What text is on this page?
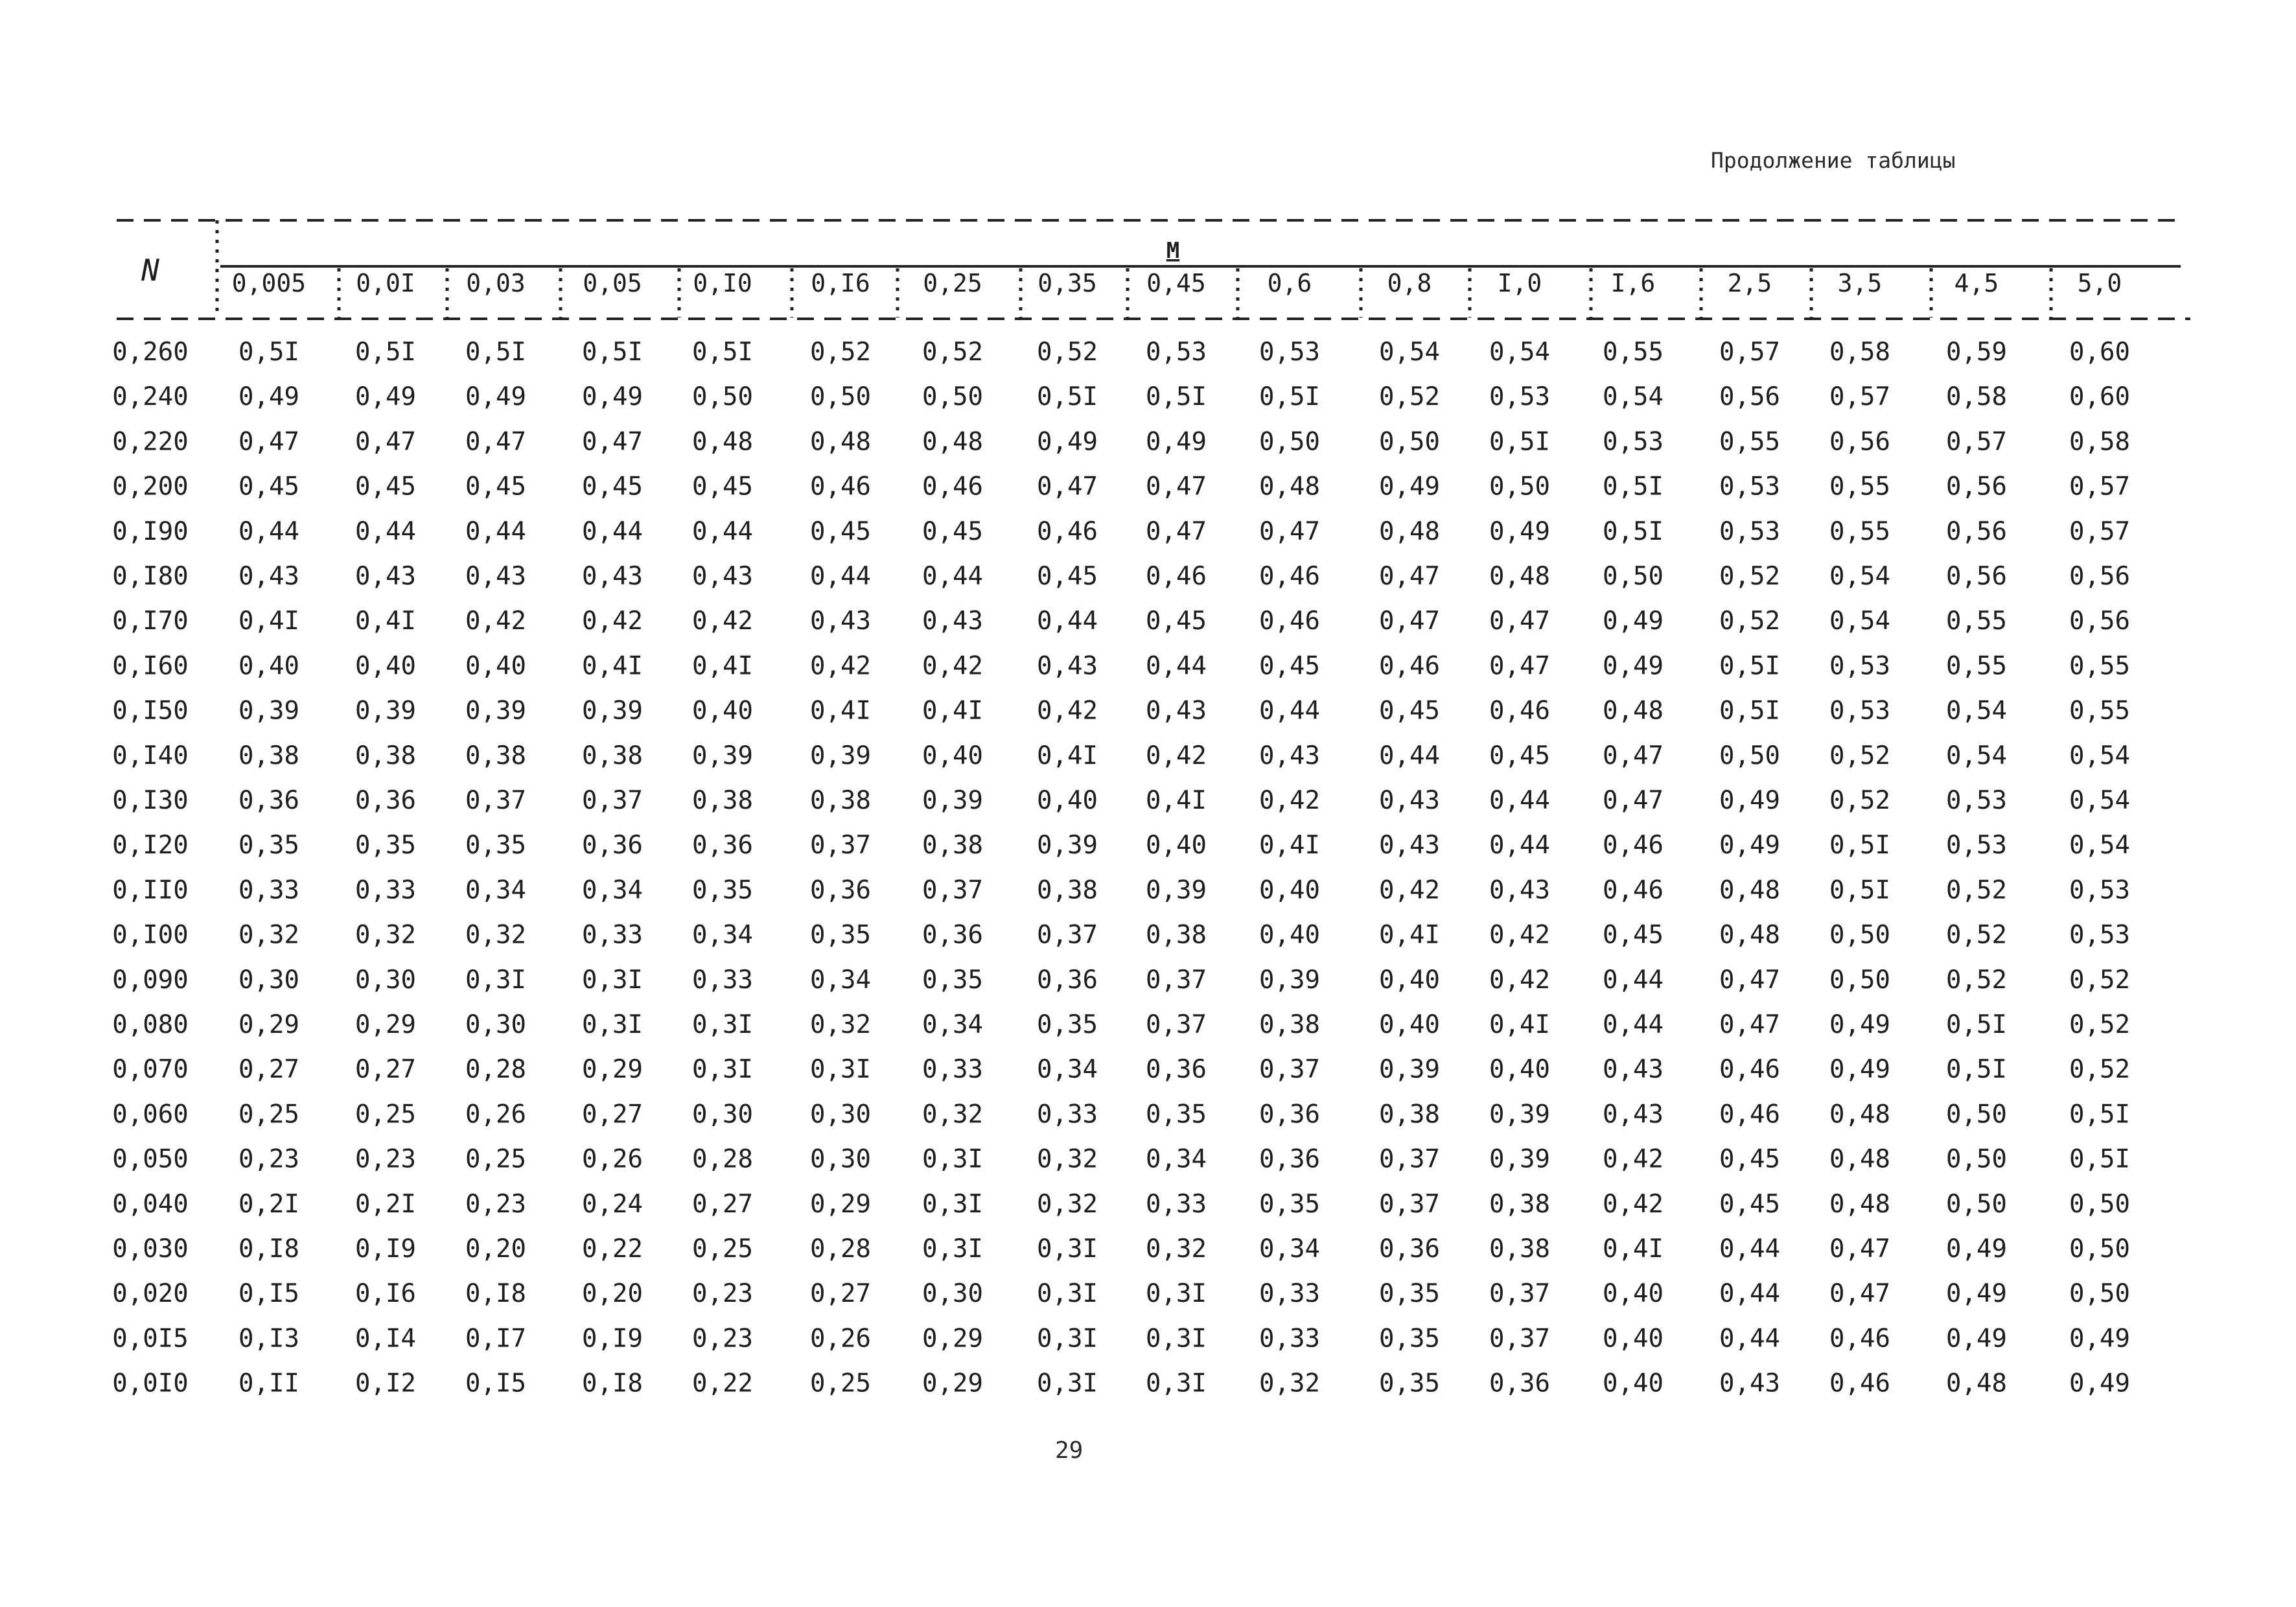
Продолжение таблицы
N
M
0,005 0,0I 0,03 0,05 0,I0 0,I6 0,25 0,35 0,45 0,6	0,8	I,0	I,6	2,5	3,5	4,5	5,0
0,260 0,5I 0,5I 0,5I 0,5I 0,5I 0,52 0,52 0,52 0,53 0,53 0,54 0,54 0,55 0,57 0,58 0,59 0,60
0,240 0,49 0,49 0,49 0,49 0,50 0,50 0,50 0,5I 0,5I 0,5I 0,52 0,53 0,54 0,56 0,57 0,58 0,60
0,220 0,47 0,47 0,47 0,47 0,48 0,48 0,48 0,49 0,49 0,50 0,50 0,5I 0,53 0,55 0,56 0,57 0,58
0,200 0,45 0,45 0,45 0,45 0,45 0,46 0,46 0,47 0,47 0,48 0,49 0,50 0,5I 0,53 0,55 0,56 0,57
0,I90 0,44 0,44 0,44 0,44 0,44 0,45 0,45 0,46 0,47 0,47 0,48 0,49 0,5I 0,53 0,55 0,56 0,57
0,I80 0,43 0,43 0,43 0,43 0,43 0,44 0,44 0,45 0,46 0,46 0,47 0,48 0,50 0,52 0,54 0,56 0,56
0,I70 0,4I 0,4I 0,42 0,42 0,42 0,43 0,43 0,44 0,45 0,46 0,47 0,47 0,49 0,52 0,54 0,55 0,56
0,I60 0,40 0,40 0,40 0,4I 0,4I 0,42 0,42 0,43 0,44 0,45 0,46 0,47 0,49 0,5I 0,53 0,55 0,55
0,I50 0,39 0,39 0,39 0,39 0,40 0,4I 0,4I 0,42 0,43 0,44 0,45 0,46 0,48 0,5I 0,53 0,54 0,55
0,I40 0,38 0,38 0,38 0,38 0,39 0,39 0,40 0,4I 0,42 0,43 0,44 0,45 0,47 0,50 0,52 0,54 0,54
0,I30 0,36 0,36 0,37 0,37 0,38 0,38 0,39 0,40 0,4I 0,42 0,43 0,44 0,47 0,49 0,52 0,53 0,54
0,I20 0,35 0,35 0,35 0,36 0,36 0,37 0,38 0,39 0,40 0,4I 0,43 0,44 0,46 0,49 0,5I 0,53 0,54
0,II0 0,33 0,33 0,34 0,34 0,35 0,36 0,37 0,38 0,39 0,40 0,42 0,43 0,46 0,48 0,5I 0,52 0,53
0,I00 0,32 0,32 0,32 0,33 0,34 0,35 0,36 0,37 0,38 0,40 0,4I 0,42 0,45 0,48 0,50 0,52 0,53
0,090 0,30 0,30 0,3I 0,3I 0,33 0,34 0,35 0,36 0,37 0,39 0,40 0,42 0,44 0,47 0,50 0,52 0,52
0,080 0,29 0,29 0,30 0,3I 0,3I 0,32 0,34 0,35 0,37 0,38 0,40 0,4I 0,44 0,47 0,49 0,5I 0,52
0,070 0,27 0,27 0,28 0,29 0,3I 0,3I 0,33 0,34 0,36 0,37 0,39 0,40 0,43 0,46 0,49 0,5I 0,52
0,060 0,25 0,25 0,26 0,27 0,30 0,30 0,32 0,33 0,35 0,36 0,38 0,39 0,43 0,46 0,48 0,50 0,5I
0,050 0,23 0,23 0,25 0,26 0,28 0,30 0,3I 0,32 0,34 0,36 0,37 0,39 0,42 0,45 0,48 0,50 0,5I
0,040 0,2I 0,2I 0,23 0,24 0,27 0,29 0,3I 0,32 0,33 0,35 0,37 0,38 0,42 0,45 0,48 0,50 0,50
0,030 0,I8 0,I9 0,20 0,22 0,25 0,28 0,3I 0,3I 0,32 0,34 0,36 0,38 0,4I 0,44 0,47 0,49 0,50
0,020 0,I5 0,I6 0,I8 0,20 0,23 0,27 0,30 0,3I 0,3I 0,33 0,35 0,37 0,40 0,44 0,47 0,49 0,50
0,0I5 0,I3 0,I4 0,I7 0,I9 0,23 0,26 0,29 0,3I 0,3I 0,33 0,35 0,37 0,40 0,44 0,46 0,49 0,49
0,0I0 0,II 0,I2 0,I5 0,I8 0,22 0,25 0,29 0,3I 0,3I 0,32 0,35 0,36 0,40 0,43 0,46 0,48 0,49
29
